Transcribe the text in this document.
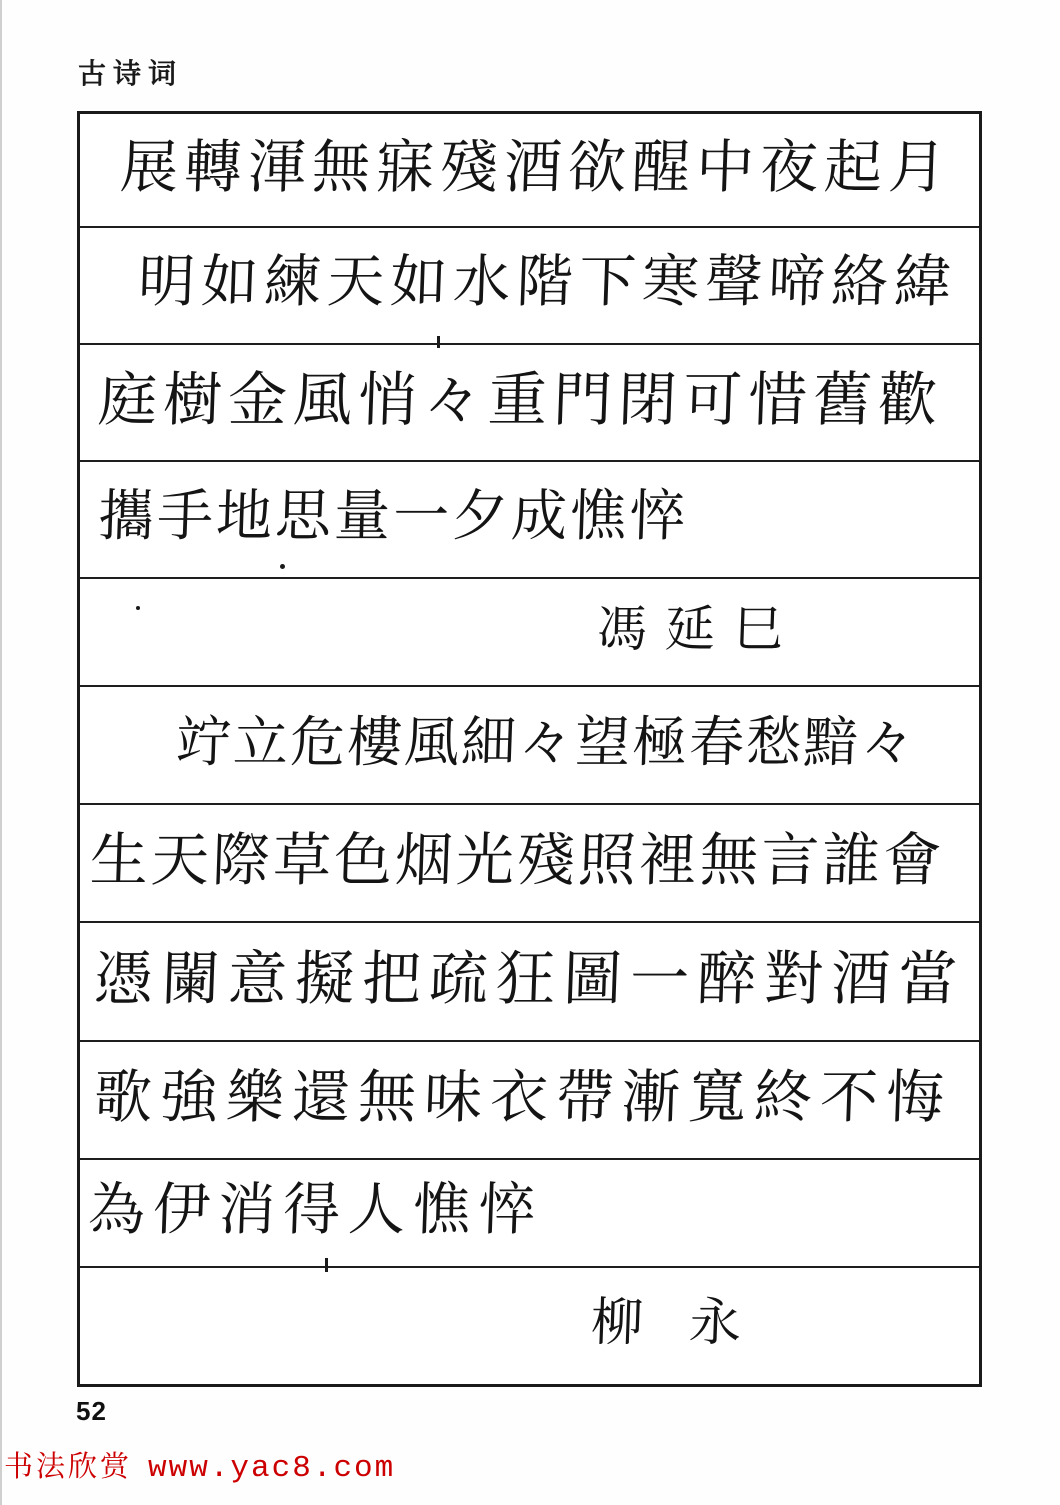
古诗词
展轉渾無寐殘酒欲醒中夜起月
明如練天如水階下寒聲啼絡緯
庭樹金風悄々重門閉可惜舊歡
攜手地思量一夕成憔悴
馮延巳
竚立危樓風細々望極春愁黯々
生天際草色烟光殘照裡無言誰會
憑闌意擬把疏狂圖一醉對酒當
歌強樂還無味衣帶漸寬終不悔
為伊消得人憔悴
柳永
52
书法欣赏 www.yac8.com
